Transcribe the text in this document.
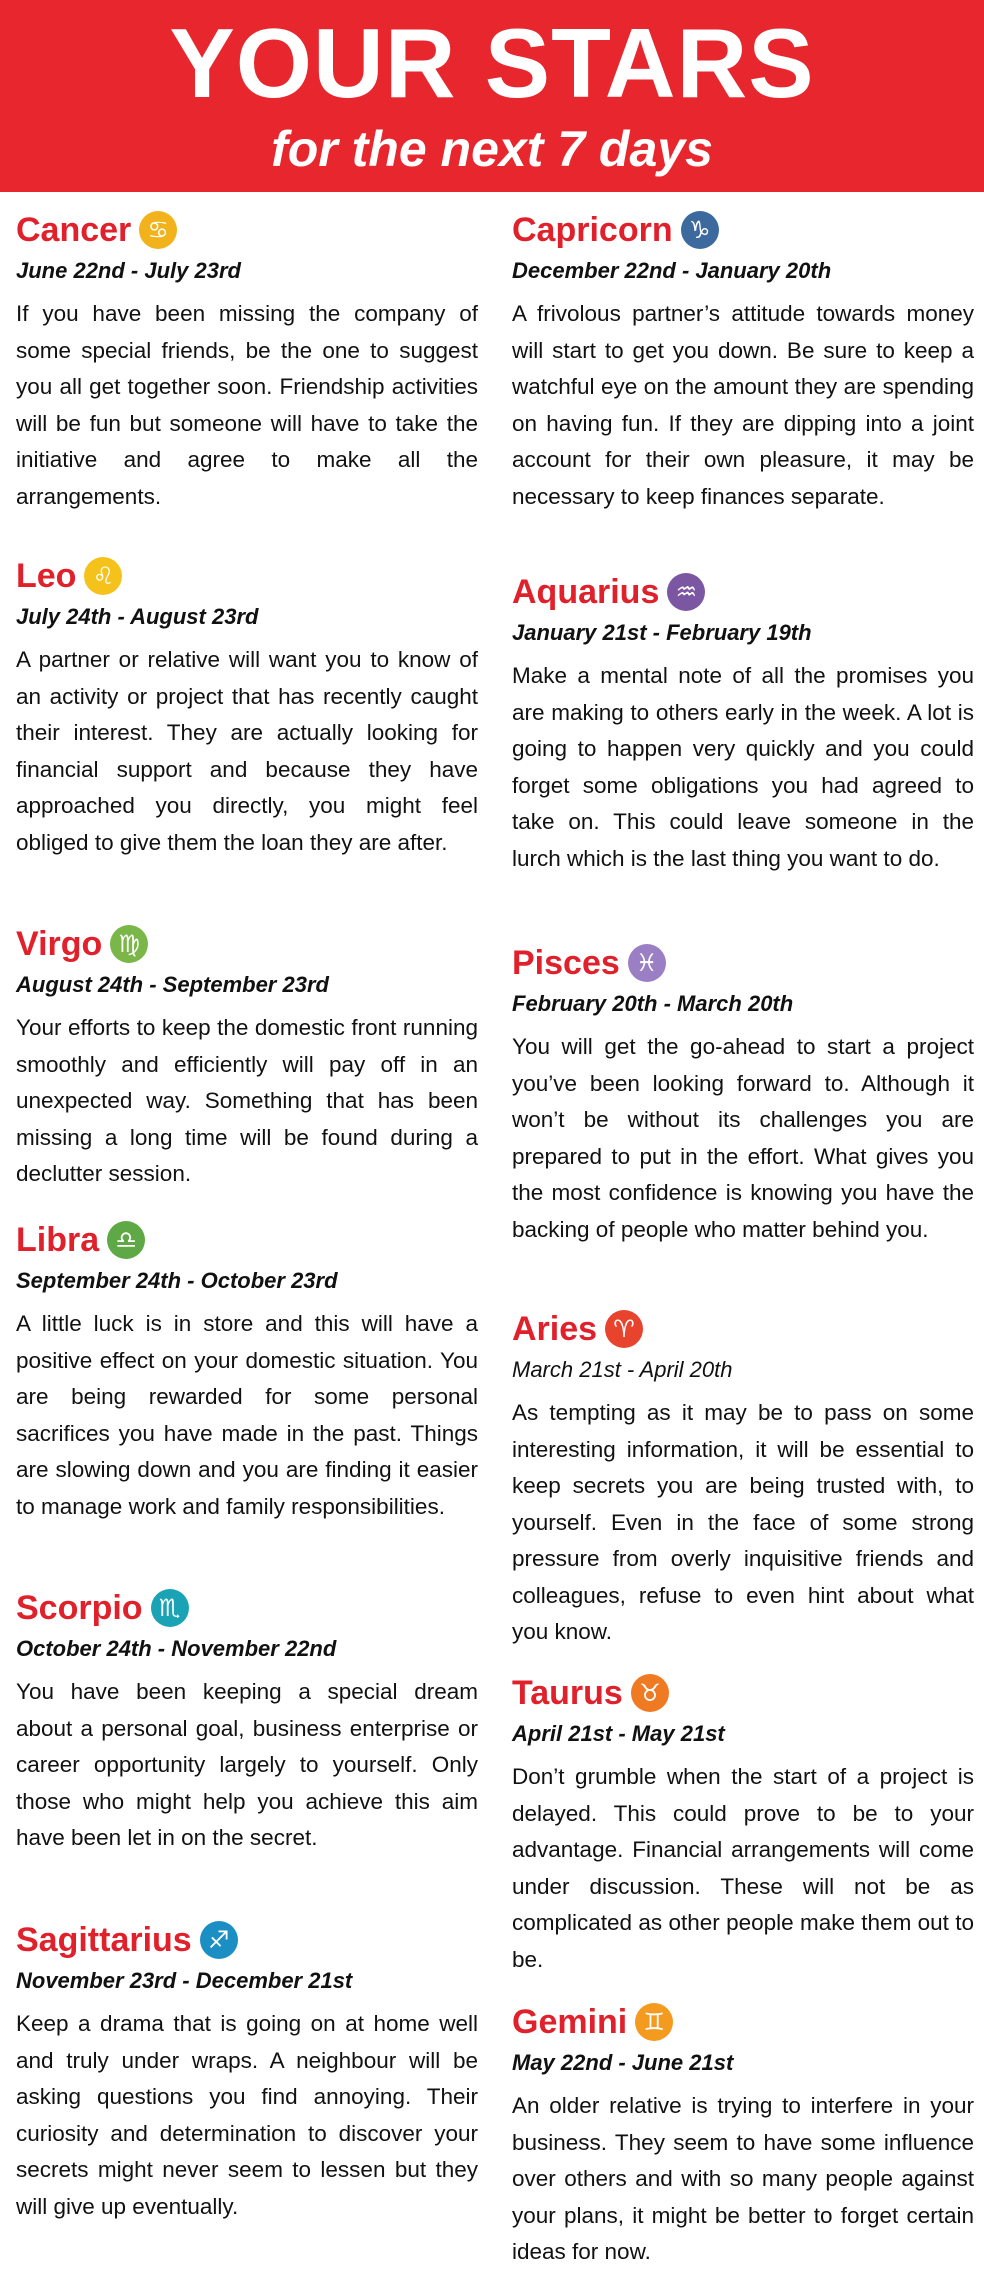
YOUR STARS
for the next 7 days
Cancer ♋
June 22nd - July 23rd

If you have been missing the company of some special friends, be the one to suggest you all get together soon. Friendship activities will be fun but someone will have to take the initiative and agree to make all the arrangements.

Leo ♌
July 24th - August 23rd

A partner or relative will want you to know of an activity or project that has recently caught their interest. They are actually looking for financial support and because they have approached you directly, you might feel obliged to give them the loan they are after.

Virgo ♍
August 24th - September 23rd

Your efforts to keep the domestic front running smoothly and efficiently will pay off in an unexpected way. Something that has been missing a long time will be found during a declutter session.

Libra ♎
September 24th - October 23rd

A little luck is in store and this will have a positive effect on your domestic situation. You are being rewarded for some personal sacrifices you have made in the past. Things are slowing down and you are finding it easier to manage work and family responsibilities.

Scorpio ♏
October 24th - November 22nd

You have been keeping a special dream about a personal goal, business enterprise or career opportunity largely to yourself. Only those who might help you achieve this aim have been let in on the secret.

Sagittarius ♐
November 23rd - December 21st

Keep a drama that is going on at home well and truly under wraps. A neighbour will be asking questions you find annoying. Their curiosity and determination to discover your secrets might never seem to lessen but they will give up eventually.

Capricorn ♑
December 22nd - January 20th

A frivolous partner’s attitude towards money will start to get you down. Be sure to keep a watchful eye on the amount they are spending on having fun. If they are dipping into a joint account for their own pleasure, it may be necessary to keep finances separate.

Aquarius ♒
January 21st - February 19th

Make a mental note of all the promises you are making to others early in the week. A lot is going to happen very quickly and you could forget some obligations you had agreed to take on. This could leave someone in the lurch which is the last thing you want to do.

Pisces ♓
February 20th - March 20th

You will get the go-ahead to start a project you’ve been looking forward to. Although it won’t be without its challenges you are prepared to put in the effort. What gives you the most confidence is knowing you have the backing of people who matter behind you.

Aries ♈
March 21st - April 20th

As tempting as it may be to pass on some interesting information, it will be essential to keep secrets you are being trusted with, to yourself. Even in the face of some strong pressure from overly inquisitive friends and colleagues, refuse to even hint about what you know.

Taurus ♉
April 21st - May 21st

Don’t grumble when the start of a project is delayed. This could prove to be to your advantage. Financial arrangements will come under discussion. These will not be as complicated as other people make them out to be.

Gemini ♊
May 22nd - June 21st

An older relative is trying to interfere in your business. They seem to have some influence over others and with so many people against your plans, it might be better to forget certain ideas for now.
